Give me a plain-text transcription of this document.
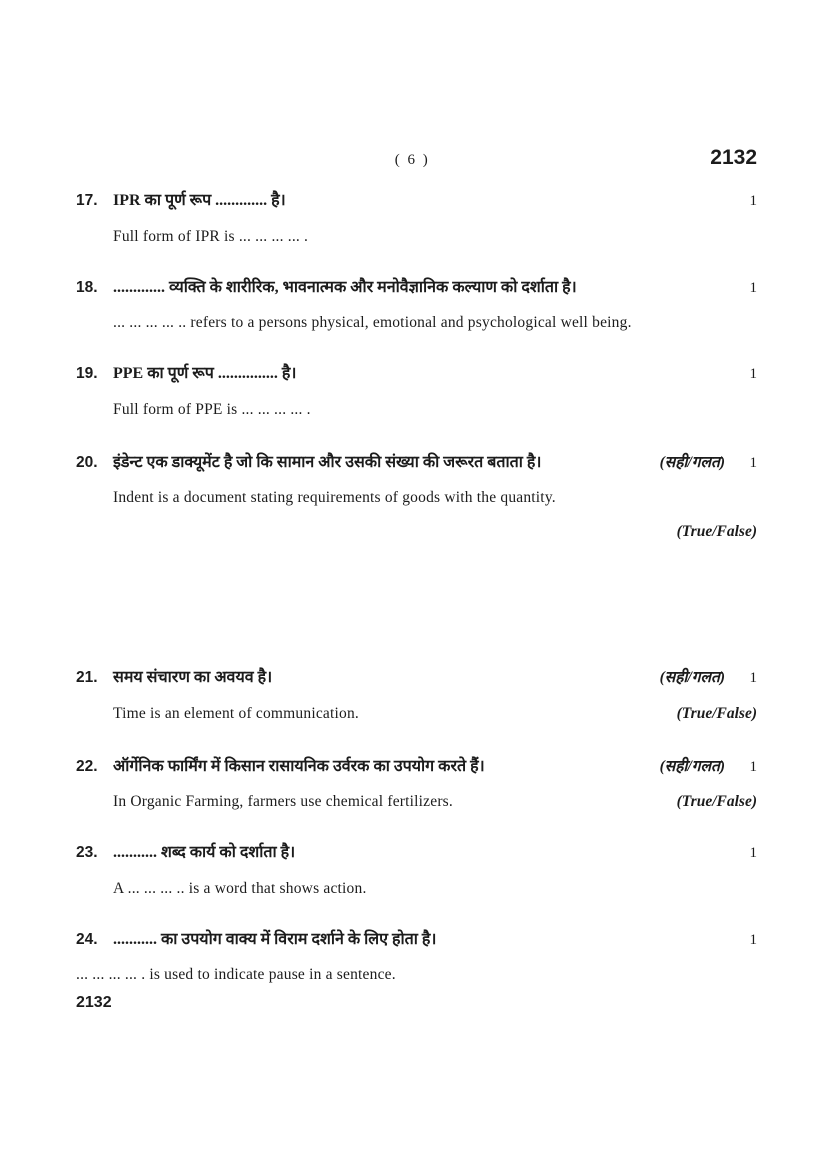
( 6 )	2132
17. IPR का पूर्ण रूप ............. है।	1
Full form of IPR is ... ... ... ... .
18. ............. व्यक्ति के शारीरिक, भावनात्मक और मनोवैज्ञानिक कल्याण को दर्शाता है।	1
... ... ... ... .. refers to a persons physical, emotional and psychological well being.
19. PPE का पूर्ण रूप ............... है।	1
Full form of PPE is ... ... ... ... .
20. इंडेन्ट एक डाक्यूमेंट है जो कि सामान और उसकी संख्या की जरूरत बताता है।	(सही/गलत)	1
Indent is a document stating requirements of goods with the quantity.
(True/False)
21. समय संचारण का अवयव है।	(सही/गलत)	1
Time is an element of communication.	(True/False)
22. ऑर्गेनिक फार्मिंग में किसान रासायनिक उर्वरक का उपयोग करते हैं।	(सही/गलत)	1
In Organic Farming, farmers use chemical fertilizers.	(True/False)
23. ........... शब्द कार्य को दर्शाता है।	1
A ... ... ... .. is a word that shows action.
24. ........... का उपयोग वाक्य में विराम दर्शाने के लिए होता है।	1
... ... ... ... . is used to indicate pause in a sentence.
2132
